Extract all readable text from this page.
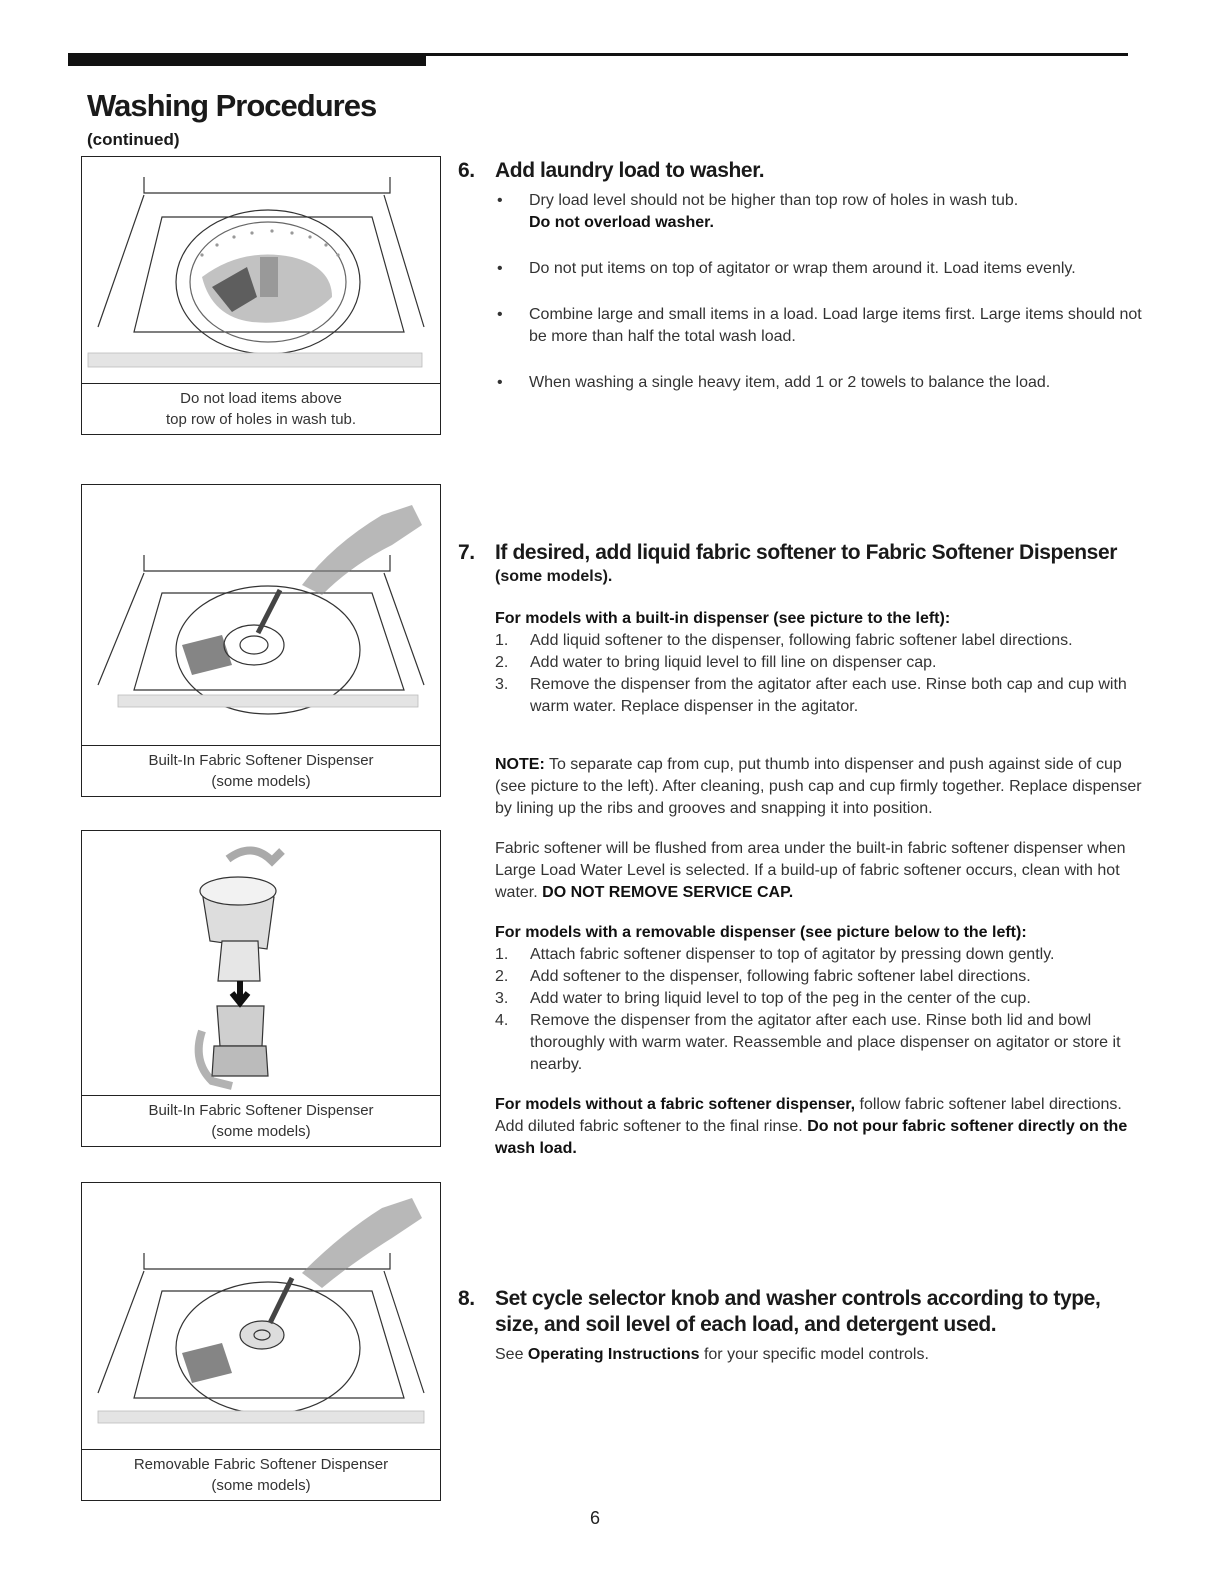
Washing Procedures
(continued)
Do not load items above
top row of holes in wash tub.
Built-In Fabric Softener Dispenser
(some models)
Built-In Fabric Softener Dispenser
(some models)
Removable Fabric Softener Dispenser
(some models)
6. Add laundry load to washer.
• Dry load level should not be higher than top row of holes in wash tub.
Do not overload washer.
• Do not put items on top of agitator or wrap them around it. Load items evenly.
• Combine large and small items in a load. Load large items first. Large items should not be more than half the total wash load.
• When washing a single heavy item, add 1 or 2 towels to balance the load.
7. If desired, add liquid fabric softener to Fabric Softener Dispenser
(some models).
For models with a built-in dispenser (see picture to the left):
1. Add liquid softener to the dispenser, following fabric softener label directions.
2. Add water to bring liquid level to fill line on dispenser cap.
3. Remove the dispenser from the agitator after each use. Rinse both cap and cup with warm water. Replace dispenser in the agitator.
NOTE: To separate cap from cup, put thumb into dispenser and push against side of cup (see picture to the left). After cleaning, push cap and cup firmly together. Replace dispenser by lining up the ribs and grooves and snapping it into position.
Fabric softener will be flushed from area under the built-in fabric softener dispenser when Large Load Water Level is selected. If a build-up of fabric softener occurs, clean with hot water. DO NOT REMOVE SERVICE CAP.
For models with a removable dispenser (see picture below to the left):
1. Attach fabric softener dispenser to top of agitator by pressing down gently.
2. Add softener to the dispenser, following fabric softener label directions.
3. Add water to bring liquid level to top of the peg in the center of the cup.
4. Remove the dispenser from the agitator after each use. Rinse both lid and bowl thoroughly with warm water. Reassemble and place dispenser on agitator or store it nearby.
For models without a fabric softener dispenser, follow fabric softener label directions. Add diluted fabric softener to the final rinse. Do not pour fabric softener directly on the wash load.
8. Set cycle selector knob and washer controls according to type, size, and soil level of each load, and detergent used.
See Operating Instructions for your specific model controls.
6
